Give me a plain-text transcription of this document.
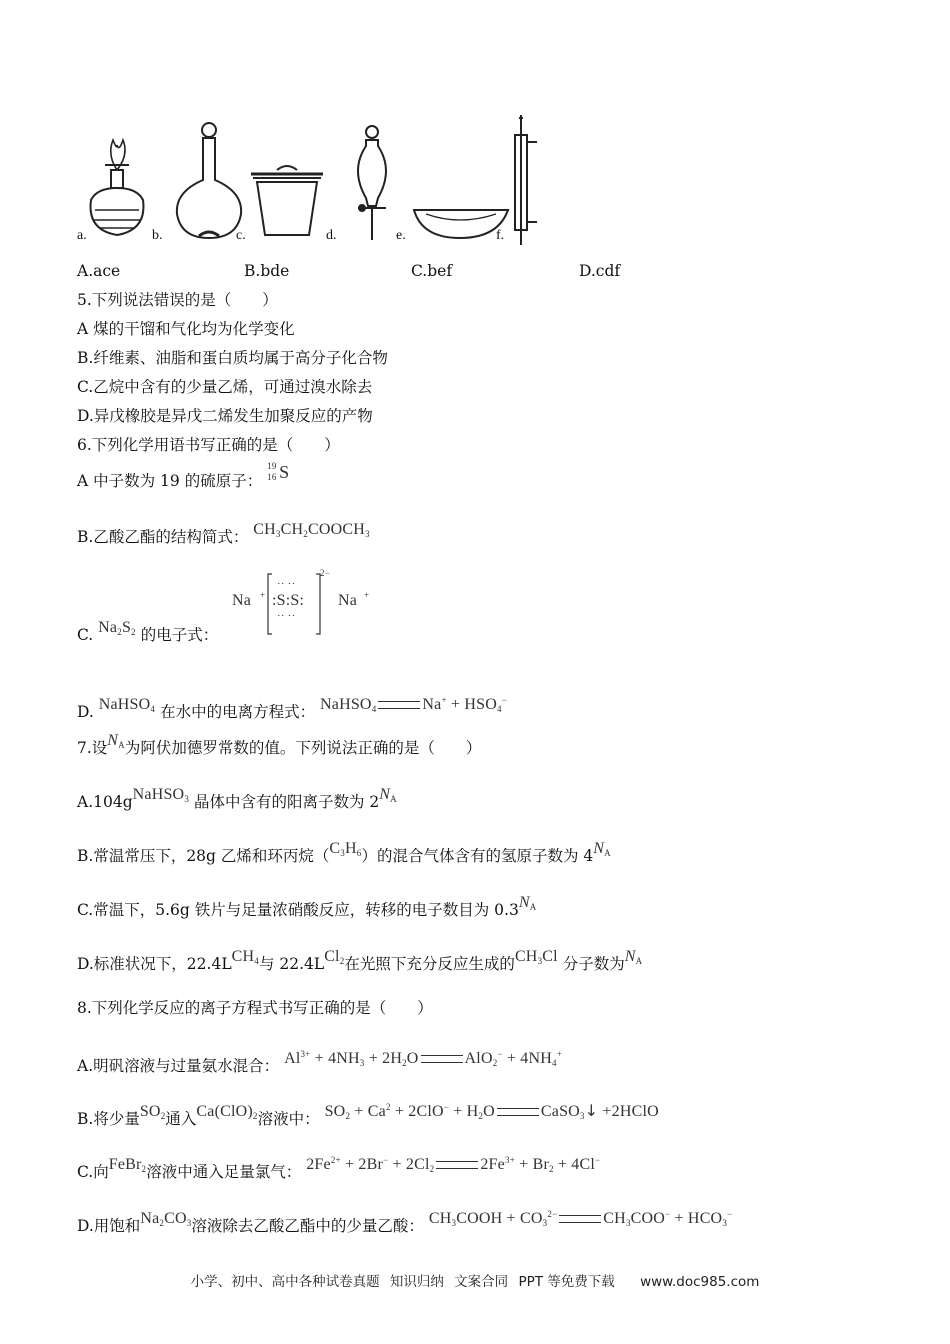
a.	b.	c.	d.	e.	f.
A.ace	B.bde	C.bef	D.cdf
5.下列说法错误的是（　　）
A 煤的干馏和气化均为化学变化
B.纤维素、油脂和蛋白质均属于高分子化合物
C.乙烷中含有的少量乙烯，可通过溴水除去
D.异戊橡胶是异戊二烯发生加聚反应的产物
6.下列化学用语书写正确的是（　　）
A 中子数为 19 的硫原子：
19
16 S
B.乙酸乙酯的结构简式： $CH_3CH_2COOCH_3$
C. $Na_2S_2$ 的电子式：
Na +
·· ··
:S:S:
·· ··
2−
Na +
D. NaHSO$_4$ 在水中的电离方程式： NaHSO$_4$	$Na^+ + HSO_4^-$
7.设$N_A$为阿伏加德罗常数的值。下列说法正确的是（　　）
A.104gNaHSO$_3$ 晶体中含有的阳离子数为 $2N_A$
B.常温常压下，28g 乙烯和环丙烷$(C_3H_6)$的混合气体含有的氢原子数为 $4N_A$
C.常温下，5.6g 铁片与足量浓硝酸反应，转移的电子数目为 $0.3N_A$
D.标准状况下，$22.4LCH_4$与 22.4LCl$_2$在光照下充分反应生成的$CH_3Cl$ 分子数为$N_A$
8.下列化学反应的离子方程式书写正确的是（　　）
A.明矾溶液与过量氨水混合： $Al^{3+} + 4NH_3 + 2H_2O$	$AlO_2^- + 4NH_4^+$
B.将少量$SO_2$通入$Ca(ClO)_2$溶液中： $SO_2 + Ca^2 + 2ClO^- + H_2O$	CaSO$_3$↓ +2HClO
C.向FeBr$_2$溶液中通入足量氯气： $2Fe^{2+} + 2Br^- + 2Cl_2$	$2Fe^{3+} + Br_2 + 4Cl^-$
D.用饱和$Na_2CO_3$溶液除去乙酸乙酯中的少量乙酸： $CH_3COOH + CO_3^{2-}$	$CH_3COO^- + HCO_3^-$
小学、初中、高中各种试卷真题 知识归纳 文案合同 PPT 等免费下载 www.doc985.com
